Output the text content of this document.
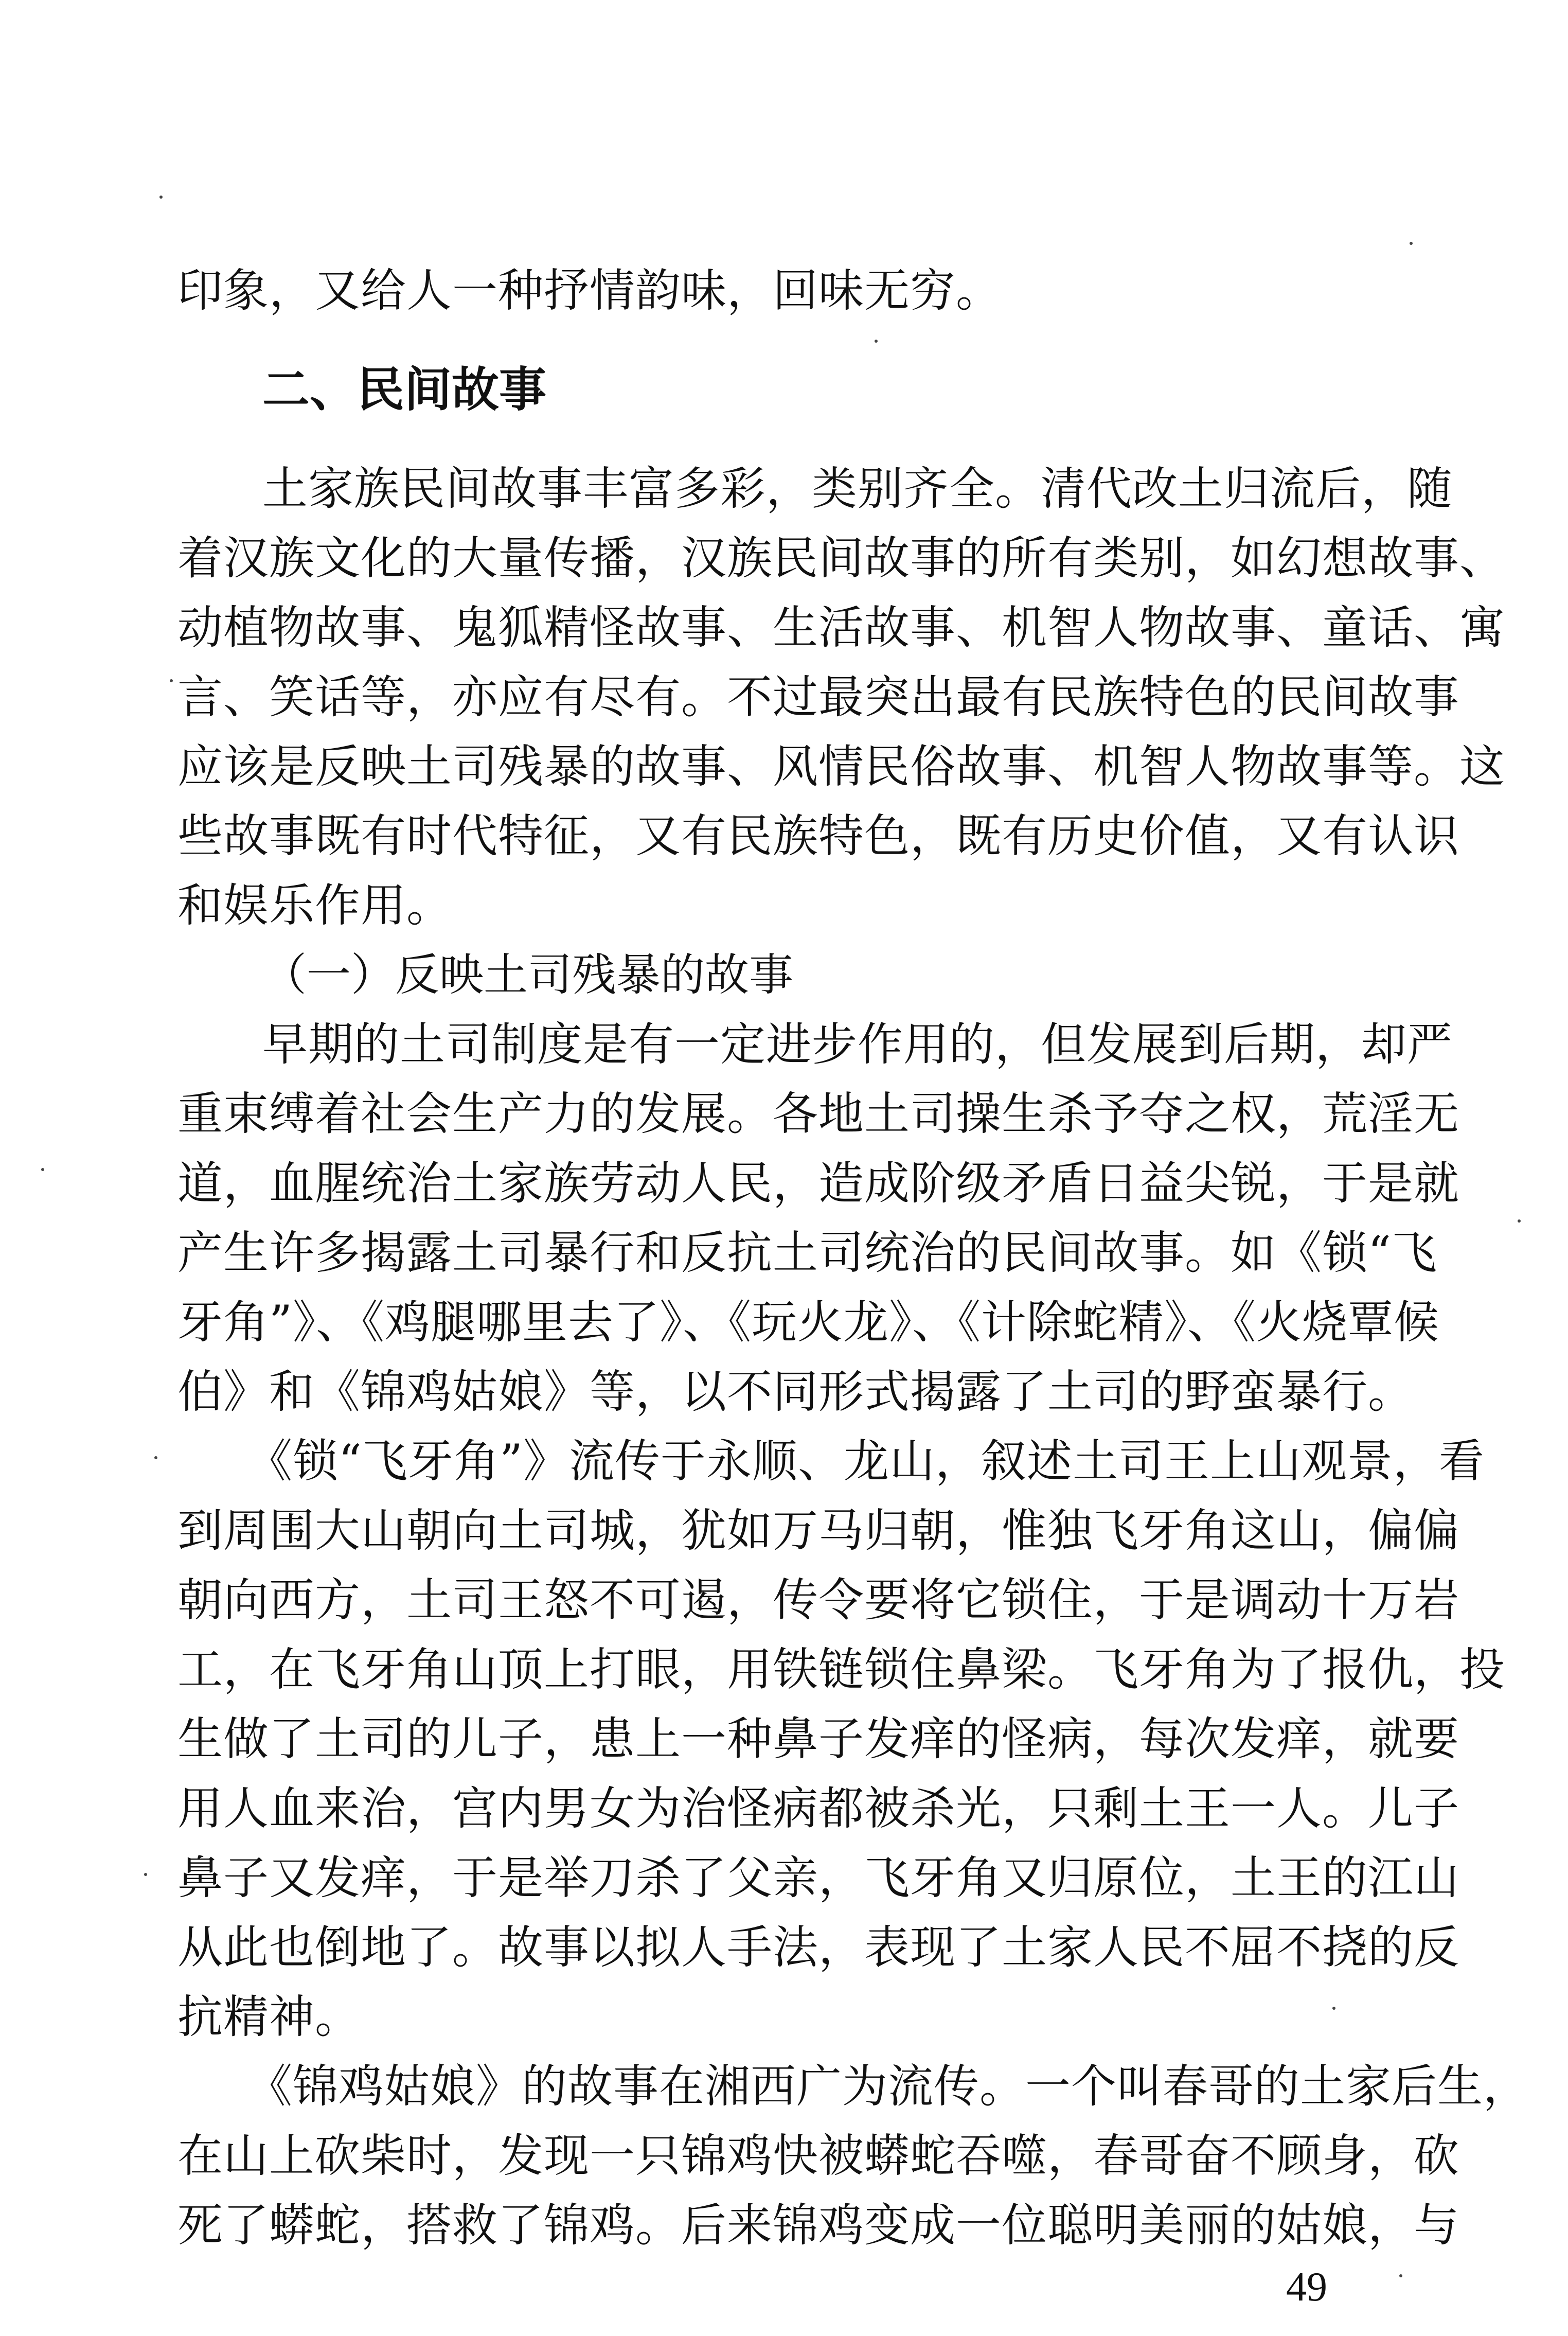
印象，又给人一种抒情韵味，回味无穷。
二、民间故事
土家族民间故事丰富多彩，类别齐全。清代改土归流后，随
着汉族文化的大量传播，汉族民间故事的所有类别，如幻想故事、
动植物故事、鬼狐精怪故事、生活故事、机智人物故事、童话、寓
言、笑话等，亦应有尽有。不过最突出最有民族特色的民间故事
应该是反映土司残暴的故事、风情民俗故事、机智人物故事等。这
些故事既有时代特征，又有民族特色，既有历史价值，又有认识
和娱乐作用。
（一）反映土司残暴的故事
早期的土司制度是有一定进步作用的，但发展到后期，却严
重束缚着社会生产力的发展。各地土司操生杀予夺之权，荒淫无
道，血腥统治土家族劳动人民，造成阶级矛盾日益尖锐，于是就
产生许多揭露土司暴行和反抗土司统治的民间故事。如《锁“飞
牙角”》、《鸡腿哪里去了》、《玩火龙》、《计除蛇精》、《火烧覃候
伯》和《锦鸡姑娘》等，以不同形式揭露了土司的野蛮暴行。
《锁“飞牙角”》流传于永顺、龙山，叙述土司王上山观景，看
到周围大山朝向土司城，犹如万马归朝，惟独飞牙角这山，偏偏
朝向西方，土司王怒不可遏，传令要将它锁住，于是调动十万岩
工，在飞牙角山顶上打眼，用铁链锁住鼻梁。飞牙角为了报仇，投
生做了土司的儿子，患上一种鼻子发痒的怪病，每次发痒，就要
用人血来治，宫内男女为治怪病都被杀光，只剩土王一人。儿子
鼻子又发痒，于是举刀杀了父亲，飞牙角又归原位，土王的江山
从此也倒地了。故事以拟人手法，表现了土家人民不屈不挠的反
抗精神。
《锦鸡姑娘》的故事在湘西广为流传。一个叫春哥的土家后生，
在山上砍柴时，发现一只锦鸡快被蟒蛇吞噬，春哥奋不顾身，砍
死了蟒蛇，搭救了锦鸡。后来锦鸡变成一位聪明美丽的姑娘，与
49
